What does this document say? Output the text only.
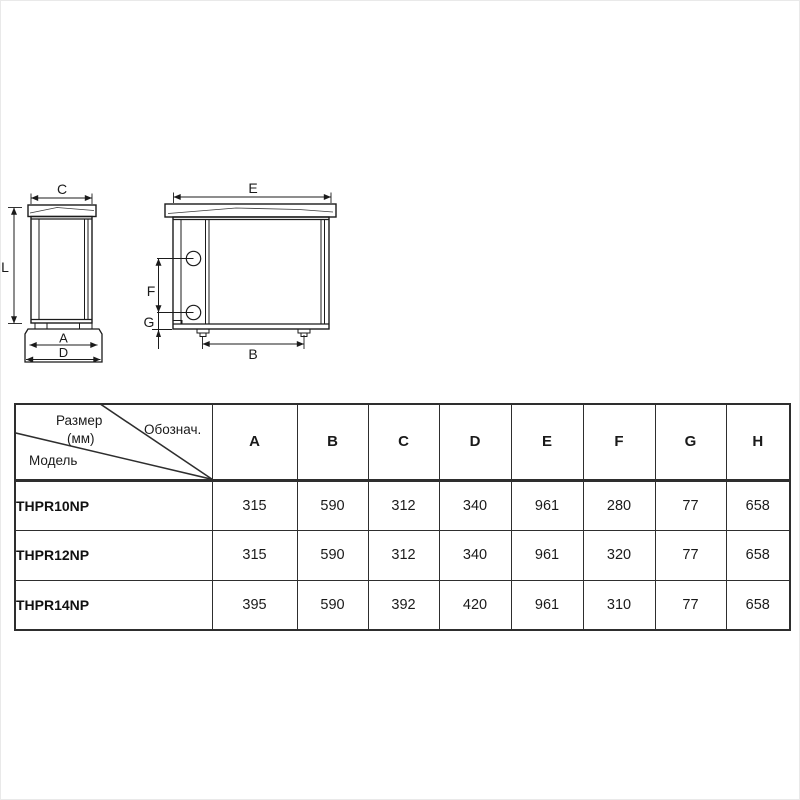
C
L
A
D
E
F
G
B
Размер
(мм)
Обознач.
Модель	A	B	C	D	E	F	G	H
THPR10NP	315	590	312	340	961	280	77	658
THPR12NP	315	590	312	340	961	320	77	658
THPR14NP	395	590	392	420	961	310	77	658
